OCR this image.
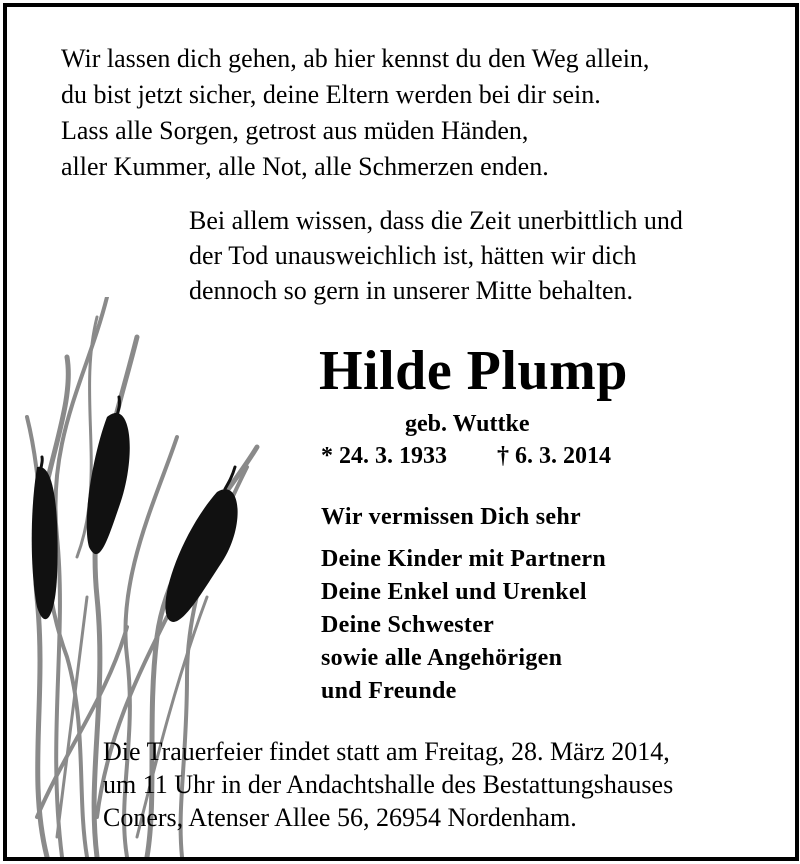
Wir lassen dich gehen, ab hier kennst du den Weg allein,
du bist jetzt sicher, deine Eltern werden bei dir sein.
Lass alle Sorgen, getrost aus müden Händen,
aller Kummer, alle Not, alle Schmerzen enden.
Bei allem wissen, dass die Zeit unerbittlich und
der Tod unausweichlich ist, hätten wir dich
dennoch so gern in unserer Mitte behalten.
Hilde Plump
geb. Wuttke
* 24. 3. 1933 † 6. 3. 2014
Wir vermissen Dich sehr
Deine Kinder mit Partnern
Deine Enkel und Urenkel
Deine Schwester
sowie alle Angehörigen
und Freunde
Die Trauerfeier findet statt am Freitag, 28. März 2014,
um 11 Uhr in der Andachtshalle des Bestattungshauses
Coners, Atenser Allee 56, 26954 Nordenham.
